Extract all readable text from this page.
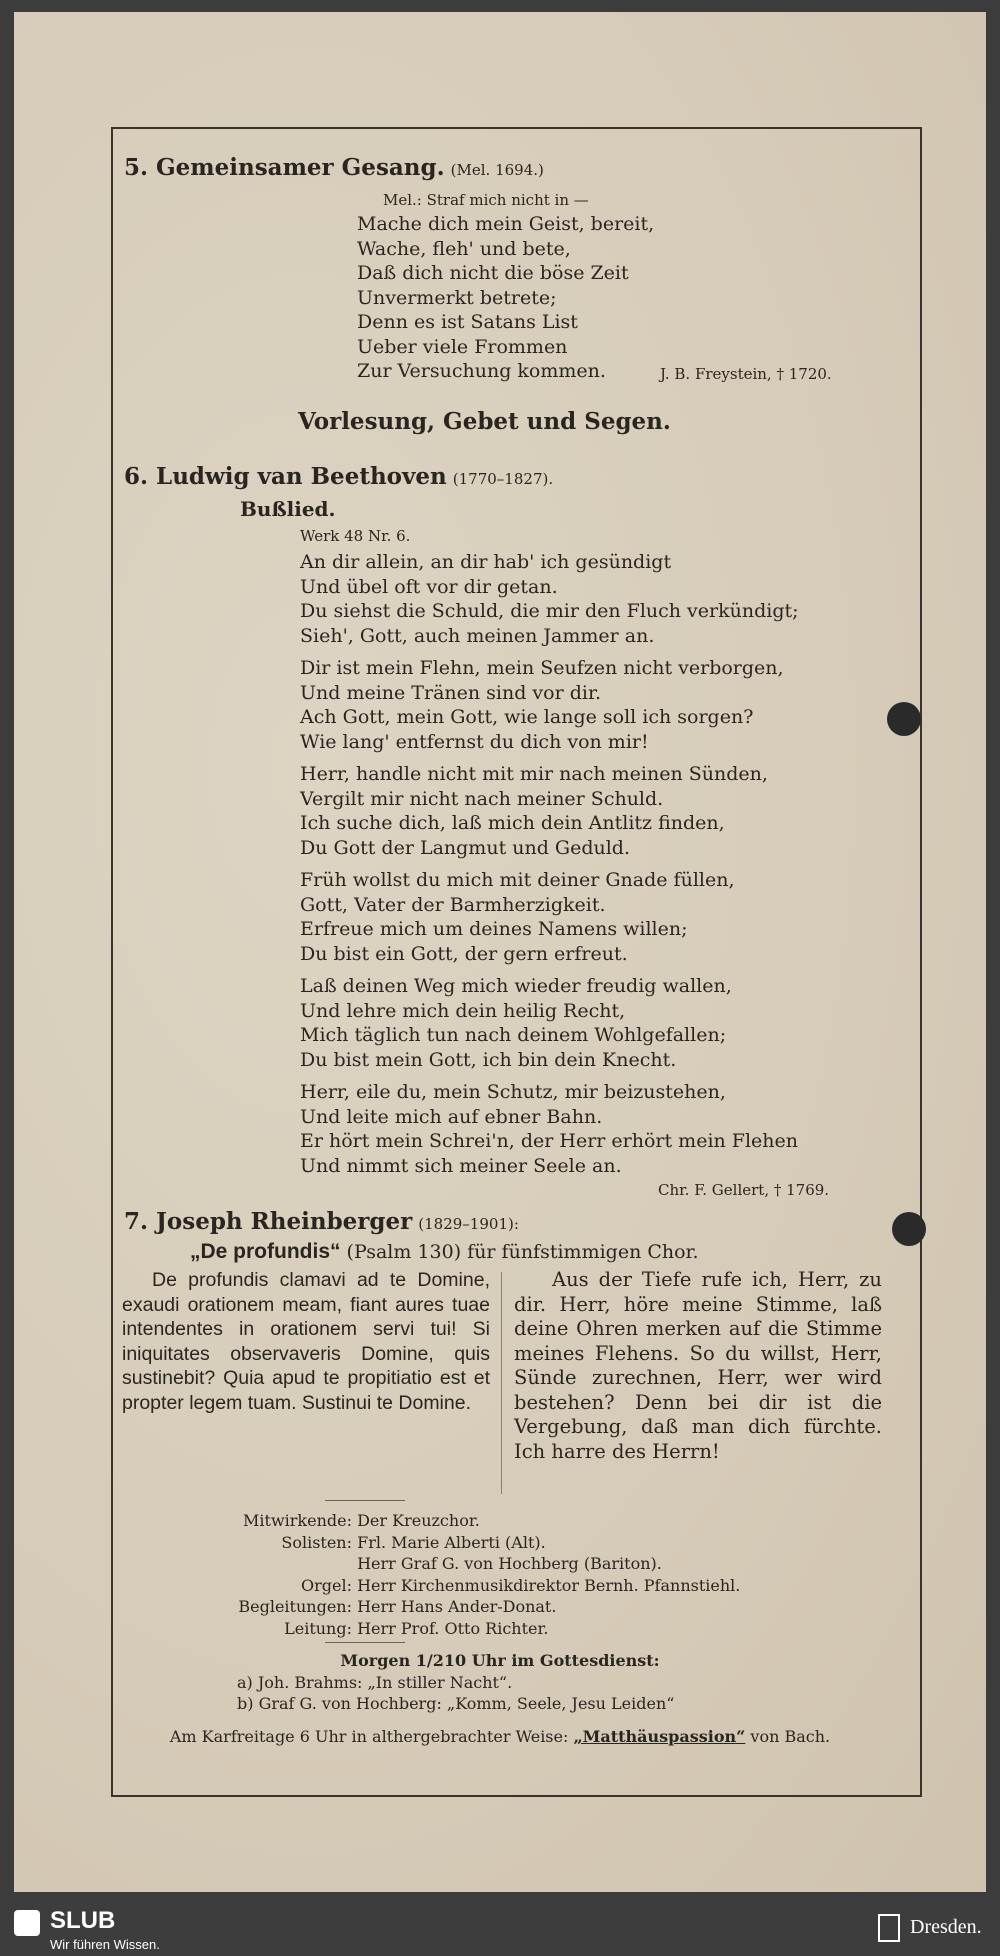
5. Gemeinsamer Gesang. (Mel. 1694.)
Mel.: Straf mich nicht in —
Mache dich mein Geist, bereit,
Wache, fleh' und bete,
Daß dich nicht die böse Zeit
Unvermerkt betrete;
Denn es ist Satans List
Ueber viele Frommen
Zur Versuchung kommen.	J. B. Freystein, † 1720.
Vorlesung, Gebet und Segen.
6. Ludwig van Beethoven (1770–1827).
Bußlied.
Werk 48 Nr. 6.
An dir allein, an dir hab' ich gesündigt
Und übel oft vor dir getan.
Du siehst die Schuld, die mir den Fluch verkündigt;
Sieh', Gott, auch meinen Jammer an.
Dir ist mein Flehn, mein Seufzen nicht verborgen,
Und meine Tränen sind vor dir.
Ach Gott, mein Gott, wie lange soll ich sorgen?
Wie lang' entfernst du dich von mir!
Herr, handle nicht mit mir nach meinen Sünden,
Vergilt mir nicht nach meiner Schuld.
Ich suche dich, laß mich dein Antlitz finden,
Du Gott der Langmut und Geduld.
Früh wollst du mich mit deiner Gnade füllen,
Gott, Vater der Barmherzigkeit.
Erfreue mich um deines Namens willen;
Du bist ein Gott, der gern erfreut.
Laß deinen Weg mich wieder freudig wallen,
Und lehre mich dein heilig Recht,
Mich täglich tun nach deinem Wohlgefallen;
Du bist mein Gott, ich bin dein Knecht.
Herr, eile du, mein Schutz, mir beizustehen,
Und leite mich auf ebner Bahn.
Er hört mein Schrei'n, der Herr erhört mein Flehen
Und nimmt sich meiner Seele an.
Chr. F. Gellert, † 1769.
7. Joseph Rheinberger (1829–1901):
„De profundis“ (Psalm 130) für fünfstimmigen Chor.
De profundis clamavi ad te Domine, exaudi orationem meam, fiant aures tuae intendentes in orationem servi tui! Si iniquitates observaveris Domine, quis sustinebit? Quia apud te propitiatio est et propter legem tuam. Sustinui te Domine.
Aus der Tiefe rufe ich, Herr, zu dir. Herr, höre meine Stimme, laß deine Ohren merken auf die Stimme meines Flehens. So du willst, Herr, Sünde zurechnen, Herr, wer wird bestehen? Denn bei dir ist die Vergebung, daß man dich fürchte. Ich harre des Herrn!
Mitwirkende: Der Kreuzchor.
Solisten: Frl. Marie Alberti (Alt).
Herr Graf G. von Hochberg (Bariton).
Orgel: Herr Kirchenmusikdirektor Bernh. Pfannstiehl.
Begleitungen: Herr Hans Ander-Donat.
Leitung: Herr Prof. Otto Richter.
Morgen 1/210 Uhr im Gottesdienst:
a) Joh. Brahms: „In stiller Nacht“.
b) Graf G. von Hochberg: „Komm, Seele, Jesu Leiden“
Am Karfreitage 6 Uhr in althergebrachter Weise: „Matthäuspassion“ von Bach.
SLUB
Wir führen Wissen.
Dresden.
